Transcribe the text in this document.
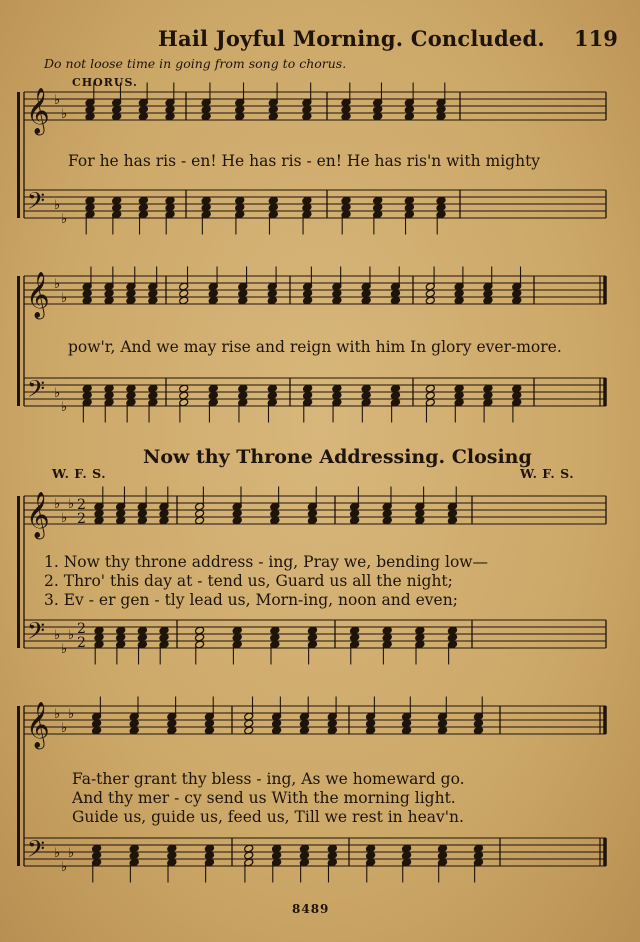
𝄞
𝄢
♭
♭
♭
♭
𝄞
𝄢
♭
♭
♭
♭
𝄞
𝄢
♭
♭
♭
♭
♭
♭
2
2
2
2
𝄞
𝄢
♭
♭
♭
♭
♭
♭
Hail Joyful Morning. Concluded. 119
Do not loose time in going from song to chorus.
CHORUS.
For he has ris - en! He has ris - en! He has ris'n with mighty
pow'r, And we may rise and reign with him In glory ever-more.
Now thy Throne Addressing. Closing
W. F. S.	W. F. S.
1. Now thy throne address - ing, Pray we, bending low—
2. Thro' this day at - tend us, Guard us all the night;
3. Ev - er gen - tly lead us, Morn-ing, noon and even;
Fa-ther grant thy bless - ing, As we homeward go.
And thy mer - cy send us With the morning light.
Guide us, guide us, feed us, Till we rest in heav'n.
8489
